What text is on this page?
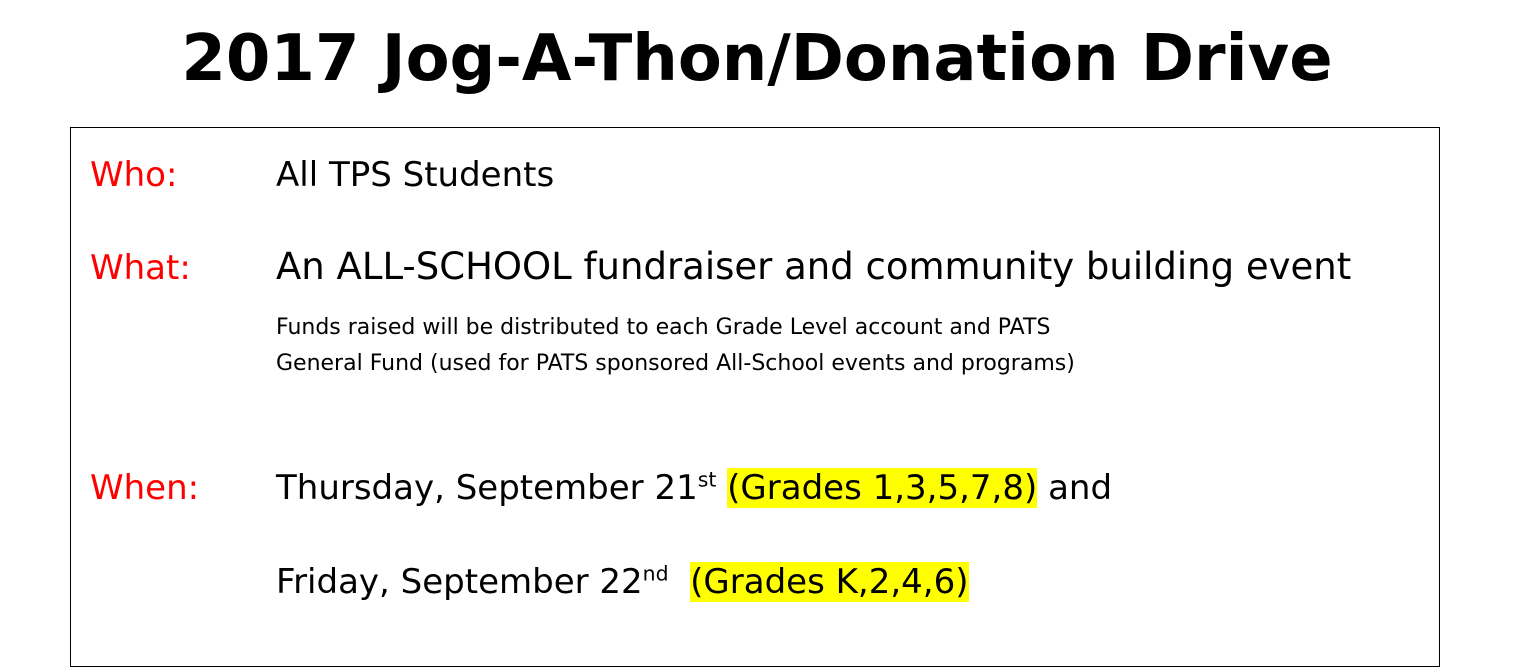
2017 Jog-A-Thon/Donation Drive
Who:	All TPS Students
What: An ALL-SCHOOL fundraiser and community building event
Funds raised will be distributed to each Grade Level account and PATS
General Fund (used for PATS sponsored All-School events and programs)
When: Thursday, September 21st (Grades 1,3,5,7,8) and
Friday, September 22nd (Grades K,2,4,6)
